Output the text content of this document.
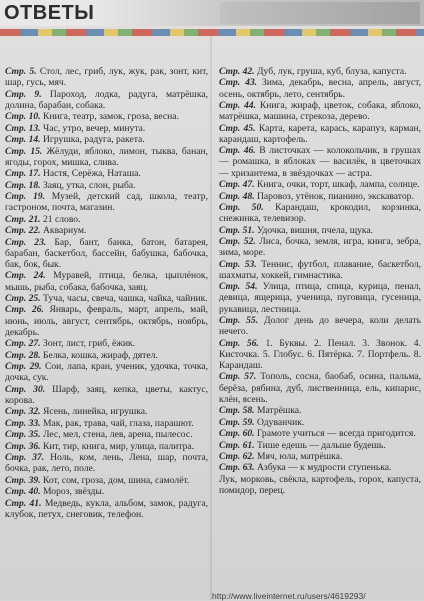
ОТВЕТЫ
Стр. 5. Стол, лес, гриб, лук, жук, рак, зонт, кит, шар, гусь, мяч.
Стр. 9. Пароход, лодка, радуга, матрёшка, долина, барабан, собака.
Стр. 10. Книга, театр, замок, гроза, весна.
Стр. 13. Час, утро, вечер, минута.
Стр. 14. Игрушка, радуга, ракета.
Стр. 15. Жёлуди, яблоко, лимон, тыква, банан, ягоды, горох, мишка, слива.
Стр. 17. Настя, Серёжа, Наташа.
Стр. 18. Заяц, утка, слон, рыба.
Стр. 19. Музей, детский сад, школа, театр, гастроном, почта, магазин.
Стр. 21. 21 слово.
Стр. 22. Аквариум.
Стр. 23. Бар, бант, банка, батон, батарея, барабан, баскетбол, бассейн, бабушка, бабочка, бак, бок, бык.
Стр. 24. Муравей, птица, белка, цыплёнок, мышь, рыба, собака, бабочка, заяц.
Стр. 25. Туча, часы, свеча, чашка, чайка, чайник.
Стр. 26. Январь, февраль, март, апрель, май, июнь, июль, август, сентябрь, октябрь, ноябрь, декабрь.
Стр. 27. Зонт, лист, гриб, ёжик.
Стр. 28. Белка, кошка, жираф, дятел.
Стр. 29. Сои, лапа, кран, ученик, удочка, точка, дочка, сук.
Стр. 30. Шарф, заяц, кепка, цветы, кактус, корова.
Стр. 32. Ясень, линейка, игрушка.
Стр. 33. Мак, рак, трава, чай, глаза, парашют.
Стр. 35. Лес, мел, стена, лев, арена, пылесос.
Стр. 36. Кит, тир, книга, мир, улица, палитра.
Стр. 37. Ноль, ком, лень, Лена, шар, почта, бочка, рак, лето, поле.
Стр. 39. Кот, сом, гроза, дом, шина, самолёт.
Стр. 40. Мороз, звёзды.
Стр. 41. Медведь, кукла, альбом, замок, радуга, клубок, петух, снеговик, телефон.
Стр. 42. Дуб, лук, груша, куб, блуза, капуста.
Стр. 43. Зима, декабрь, весна, апрель, август, осень, октябрь, лето, сентябрь.
Стр. 44. Книга, жираф, цветок, собака, яблоко, матрёшка, машина, стрекоза, дерево.
Стр. 45. Карта, карета, карась, карапуз, карман, карандаш, картофель.
Стр. 46. В листочках — колокольчик, в грушах — ромашка, в яблоках — василёк, в цветочках — хризантема, в звёздочках — астра.
Стр. 47. Книга, очки, торт, шкаф, лампа, солнце.
Стр. 48. Паровоз, утёнок, пианино, экскаватор.
Стр. 50. Карандаш, крокодил, корзинка, снежинка, телевизор.
Стр. 51. Удочка, вишня, пчела, щука.
Стр. 52. Лиса, бочка, земля, игра, книга, зебра, зима, море.
Стр. 53. Теннис, футбол, плавание, баскетбол, шахматы, хоккей, гимнастика.
Стр. 54. Улица, птица, спица, курица, пенал, девица, ящерица, ученица, пуговица, гусеница, рукавица, лестница.
Стр. 55. Долог день до вечера, коли делать нечего.
Стр. 56. 1. Буквы. 2. Пенал. 3. Звонок. 4. Кисточка. 5. Глобус. 6. Пятёрка. 7. Портфель. 8. Карандаш.
Стр. 57. Тополь, сосна, баобаб, осина, пальма, берёза, рябина, дуб, лиственница, ель, кипарис, клён, ясень.
Стр. 58. Матрёшка.
Стр. 59. Одуванчик.
Стр. 60. Грамоте учиться — всегда пригодится.
Стр. 61. Тише едешь — дальше будешь.
Стр. 62. Мяч, юла, матрёшка.
Стр. 63. Азбука — к мудрости ступенька.
Лук, морковь, свёкла, картофель, горох, капуста, помидор, перец.
http://www.liveinternet.ru/users/4619293/
